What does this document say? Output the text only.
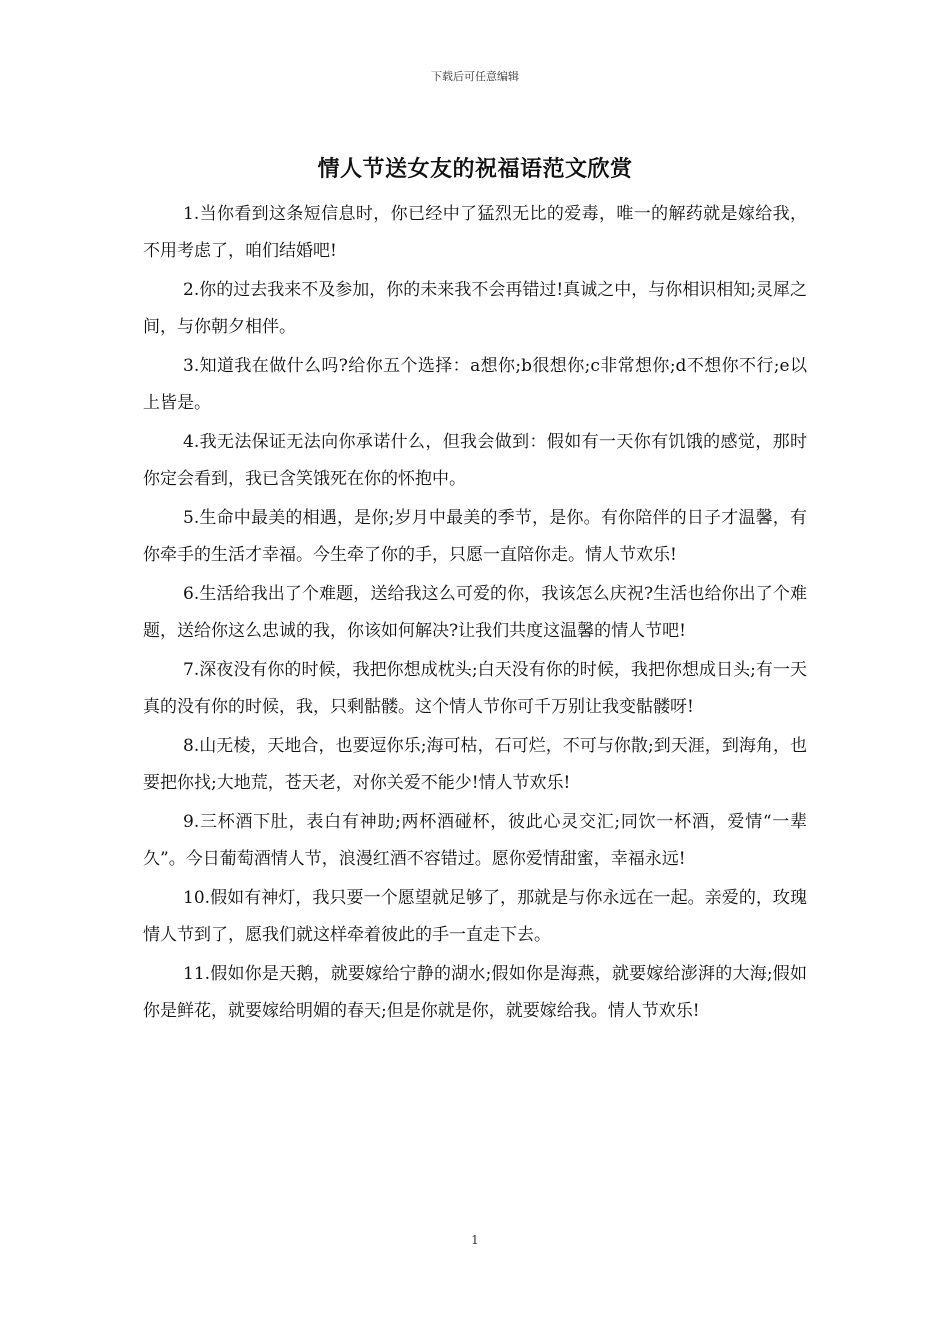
下载后可任意编辑
情人节送女友的祝福语范文欣赏

1.当你看到这条短信息时，你已经中了猛烈无比的爱毒，唯一的解药就是嫁给我，不用考虑了，咱们结婚吧!

2.你的过去我来不及参加，你的未来我不会再错过!真诚之中，与你相识相知;灵犀之间，与你朝夕相伴。

3.知道我在做什么吗?给你五个选择：a想你;b很想你;c非常想你;d不想你不行;e以上皆是。

4.我无法保证无法向你承诺什么，但我会做到：假如有一天你有饥饿的感觉，那时你定会看到，我已含笑饿死在你的怀抱中。

5.生命中最美的相遇，是你;岁月中最美的季节，是你。有你陪伴的日子才温馨，有你牵手的生活才幸福。今生牵了你的手，只愿一直陪你走。情人节欢乐!

6.生活给我出了个难题，送给我这么可爱的你，我该怎么庆祝?生活也给你出了个难题，送给你这么忠诚的我，你该如何解决?让我们共度这温馨的情人节吧!

7.深夜没有你的时候，我把你想成枕头;白天没有你的时候，我把你想成日头;有一天真的没有你的时候，我，只剩骷髅。这个情人节你可千万别让我变骷髅呀!

8.山无棱，天地合，也要逗你乐;海可枯，石可烂，不可与你散;到天涯，到海角，也要把你找;大地荒，苍天老，对你关爱不能少!情人节欢乐!

9.三杯酒下肚，表白有神助;两杯酒碰杯，彼此心灵交汇;同饮一杯酒，爱情“一辈久”。今日葡萄酒情人节，浪漫红酒不容错过。愿你爱情甜蜜，幸福永远!

10.假如有神灯，我只要一个愿望就足够了，那就是与你永远在一起。亲爱的，玫瑰情人节到了，愿我们就这样牵着彼此的手一直走下去。

11.假如你是天鹅，就要嫁给宁静的湖水;假如你是海燕，就要嫁给澎湃的大海;假如你是鲜花，就要嫁给明媚的春天;但是你就是你，就要嫁给我。情人节欢乐!

1
